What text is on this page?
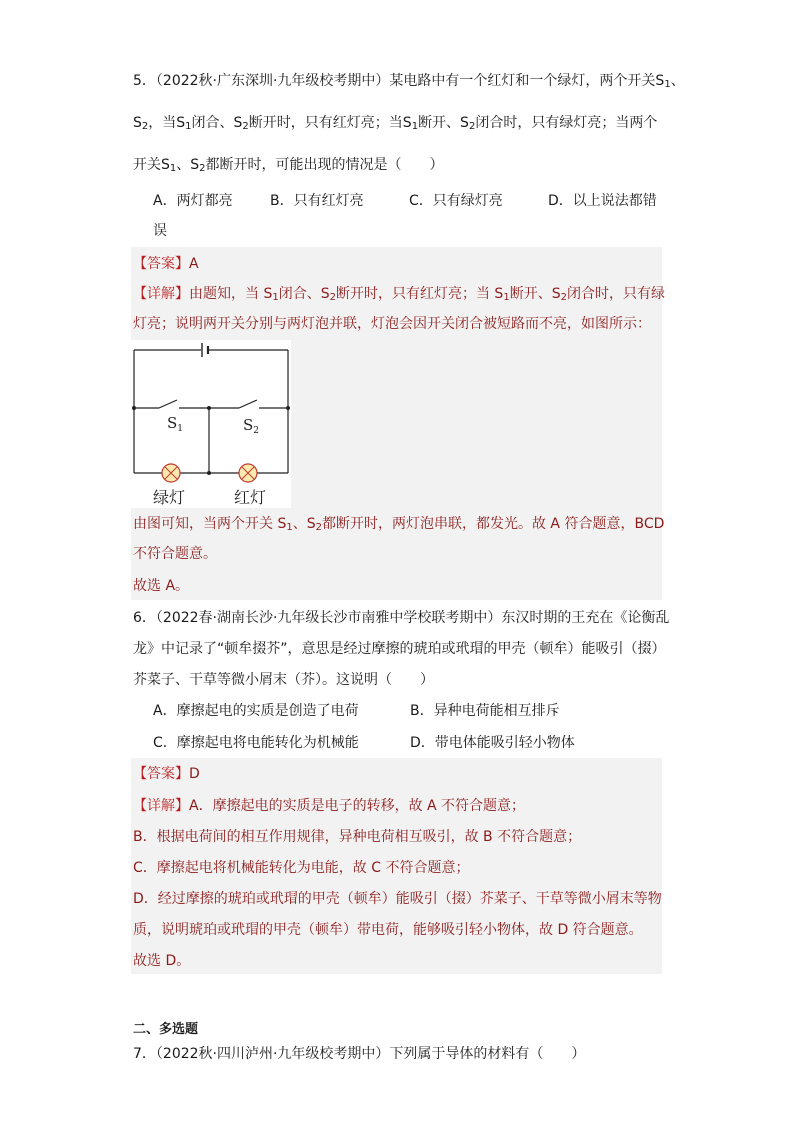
5．（2022秋·广东深圳·九年级校考期中）某电路中有一个红灯和一个绿灯，两个开关$S_1$、
$S_2$，当$S_1$闭合、$S_2$断开时，只有红灯亮；当$S_1$断开、$S_2$闭合时，只有绿灯亮；当两个
开关$S_1$、$S_2$都断开时，可能出现的情况是（　　）
A．两灯都亮	B．只有红灯亮	C．只有绿灯亮	D．以上说法都错
误
【答案】A
【详解】由题知，当 $S_1$闭合、$S_2$断开时，只有红灯亮；当 $S_1$断开、$S_2$闭合时，只有绿
灯亮；说明两开关分别与两灯泡并联，灯泡会因开关闭合被短路而不亮，如图所示：
$S_1$	$S_2$
绿灯	红灯
由图可知，当两个开关 $S_1$、$S_2$都断开时，两灯泡串联，都发光。故 A 符合题意，BCD
不符合题意。
故选 A。
6．（2022春·湖南长沙·九年级长沙市南雅中学校联考期中）东汉时期的王充在《论衡乱
龙》中记录了“顿牟掇芥”，意思是经过摩擦的琥珀或玳瑁的甲壳（顿牟）能吸引（掇）
芥菜子、干草等微小屑末（芥）。这说明（　　）
A．摩擦起电的实质是创造了电荷	B．异种电荷能相互排斥
C．摩擦起电将电能转化为机械能	D．带电体能吸引轻小物体
【答案】D
【详解】A．摩擦起电的实质是电子的转移，故 A 不符合题意；
B．根据电荷间的相互作用规律，异种电荷相互吸引，故 B 不符合题意；
C．摩擦起电将机械能转化为电能，故 C 不符合题意；
D．经过摩擦的琥珀或玳瑁的甲壳（顿牟）能吸引（掇）芥菜子、干草等微小屑末等物
质，说明琥珀或玳瑁的甲壳（顿牟）带电荷，能够吸引轻小物体，故 D 符合题意。
故选 D。
二、多选题
7．（2022秋·四川泸州·九年级校考期中）下列属于导体的材料有（　　）
